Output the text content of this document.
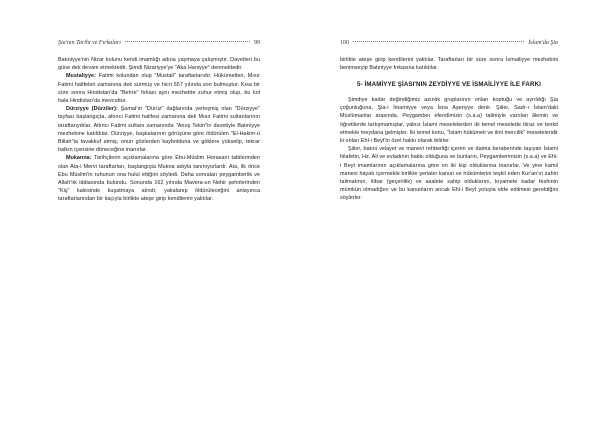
Şia'nın Tarihi ve Fırkaları	99

Batıniyye'nin Nizar kolunu kendi imamlığı adına yaymaya çalışmıştır. Davetleri bu güne dek devam etmektedir. Şimdi Nizariyye'ye "Aka Haniyye" denmektedir.

Mustaliyye: Fatimi kolundan olup "Mustali" taraftarlarıdır. Hükümetleri, Mısır Fatimi halifeleri zamanına dek sürmüş ve hicri 557 yılında son bulmuştur. Kısa bir süre sonra Hindistan'da "Behre" fırkası aynı mezhebte zuhur etmiş olup, bu kol hala Hindistan'da mevcuttur.

Dürziyye (Dürziler): Şamat'ın "Dürüz" dağlarında yerleşmiş olan "Dürziyye" tayfası başlangıçta, altıncı Fatimi halifesi zamanına dek Mısır Fatimi sultanlarının taraftarıydılar. Altıncı Fatimi sultanı zamanında "Anuş Tekin"in davetiyle Batıniyye mezhebine katıldılar. Dürziyye, başkalarının görüşüne göre öldürülen "El-Hakim-ü Billah"ta tavakkuf etmiş, onun gözlerden kaybolduna ve göklere yükselip, tekrar halkın içerisine döneceğine inanırlar.

Mukanna: Tarihçilerin açıklamalarına göre Ebu-Müslim Horasani tabilerinden olan Ata-i Mervi taraftarları, başlangıçta Mukna adıyla tanınıyorlardı. Ata, ilk önce Ebu Müslim'in ruhunun ona hulul ettiğini söyledi. Daha sonraları peygamberlik ve Allah'lık iddiasında bulundu. Sonunda 162 yılında Mavera-un Nehir şehirlerinden "Kiş" kalesinde kuşatmaya alındı; yakalanıp öldürüleceğini anlayınca taraftarlarından bir kaçıyla birlikte ateşe girip kendilerini yaktılar.

100	İslam'da Şia

birlikte ateşe girip kendilerini yaktılar. Taraftarları bir süre sonra İsmailiyye mezhebini benimseyip Batıniyye fırkasına katıldılar.

5- İMAMİYYE ŞİASI'NIN ZEYDİYYE VE İSMAİLİYYE İLE FARKI

Şimdiye kadar değindiğimiz azınlık gruplarının onları koptuğu ve ayrıldığı Şia çoğunluğuna, Şia-i İmamiyye veya İsna Aşeriyye denir. Şiiler, Sadr-ı İslam'daki Müslümanlar arasında, Peygamber efendimizin (s.a.a) talimiyle varolan âlemin ve öğretilerde tartışmamışlar, yalnız İslami meselelerden iki temel meselede itiraz ve tenkit etmekle meydana gelmişler. İki temel konu, "İslam hükümeti ve ilmi mercilik" meseleleridir ki onları Ehl-i Beyt'in özel hakkı olarak bilirler.

Şiiler, batıni velayet ve manevi rehberliği içeren ve daima beraberinde taşıyan İslami hilafetin, Hz. Ali ve evladının hakkı olduğuna ve bunların, Peygamberimizin (s.a.a) ve Ehl-i Beyt imamlarının açıklamalarına göre on iki kişi olduklarına inanırlar. Ve yine kamil manevi hayatı içermekle birlikte şeriatın kanun ve hükümlerini teşkil eden Kur'an'ın zahiri talimatının, itibar (geçerlilik) ve asalete sahip olduklarını, kıyamete kadar feshinin mümkün olmadığını ve bu kanunların ancak Ehl-i Beyt yoluyla elde edilmesi gerektiğini söylerler.
